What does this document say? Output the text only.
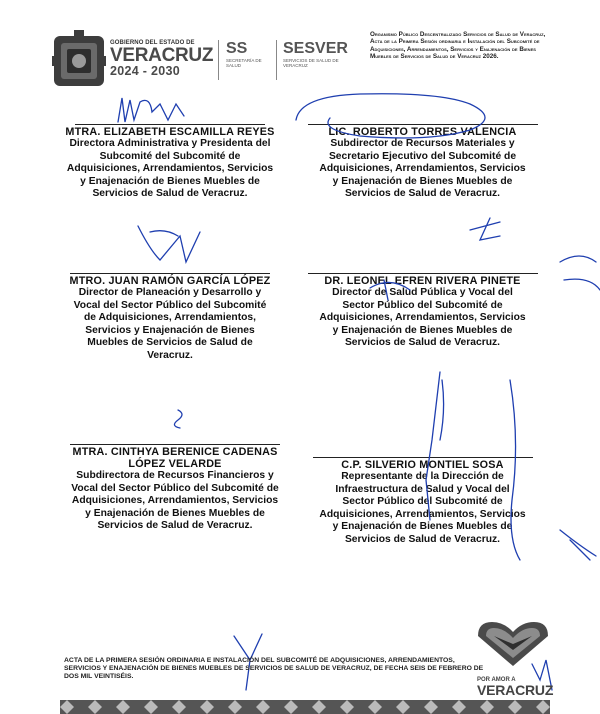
GOBIERNO DEL ESTADO DE
VERACRUZ
2024 - 2030
SS
SECRETARÍA DE SALUD
SESVER
SERVICIOS DE SALUD DE VERACRUZ
Organismo Público Descentralizado Servicios de Salud de Veracruz, Acta de la Primera Sesión ordinaria e Instalación del Subcomité de Adquisiciones, Arrendamientos, Servicios y Enajenación de Bienes Muebles de Servicios de Salud de Veracruz 2026.
MTRA. ELIZABETH ESCAMILLA REYES
Directora Administrativa y Presidenta del
Subcomité del Subcomité de
Adquisiciones, Arrendamientos, Servicios
y Enajenación de Bienes Muebles de
Servicios de Salud de Veracruz.
LIC. ROBERTO TORRES VALENCIA
Subdirector de Recursos Materiales y
Secretario Ejecutivo del Subcomité de
Adquisiciones, Arrendamientos, Servicios
y Enajenación de Bienes Muebles de
Servicios de Salud de Veracruz.
MTRO. JUAN RAMÓN GARCÍA LÓPEZ
Director de Planeación y Desarrollo y
Vocal del Sector Público del Subcomité
de Adquisiciones, Arrendamientos,
Servicios y Enajenación de Bienes
Muebles de Servicios de Salud de
Veracruz.
DR. LEONEL EFREN RIVERA PINETE
Director de Salud Pública y Vocal del
Sector Público del Subcomité de
Adquisiciones, Arrendamientos, Servicios
y Enajenación de Bienes Muebles de
Servicios de Salud de Veracruz.
MTRA. CINTHYA BERENICE CADENAS
LÓPEZ VELARDE
Subdirectora de Recursos Financieros y
Vocal del Sector Público del Subcomité de
Adquisiciones, Arrendamientos, Servicios
y Enajenación de Bienes Muebles de
Servicios de Salud de Veracruz.
C.P. SILVERIO MONTIEL SOSA
Representante de la Dirección de
Infraestructura de Salud y Vocal del
Sector Público del Subcomité de
Adquisiciones, Arrendamientos, Servicios
y Enajenación de Bienes Muebles de
Servicios de Salud de Veracruz.
ACTA DE LA PRIMERA SESIÓN ORDINARIA E INSTALACIÓN DEL SUBCOMITÉ DE ADQUISICIONES, ARRENDAMIENTOS, SERVICIOS Y ENAJENACIÓN DE BIENES MUEBLES DE SERVICIOS DE SALUD DE VERACRUZ, DE FECHA SEIS DE FEBRERO DE DOS MIL VEINTISÉIS.	POR AMOR A
VERACRUZ
